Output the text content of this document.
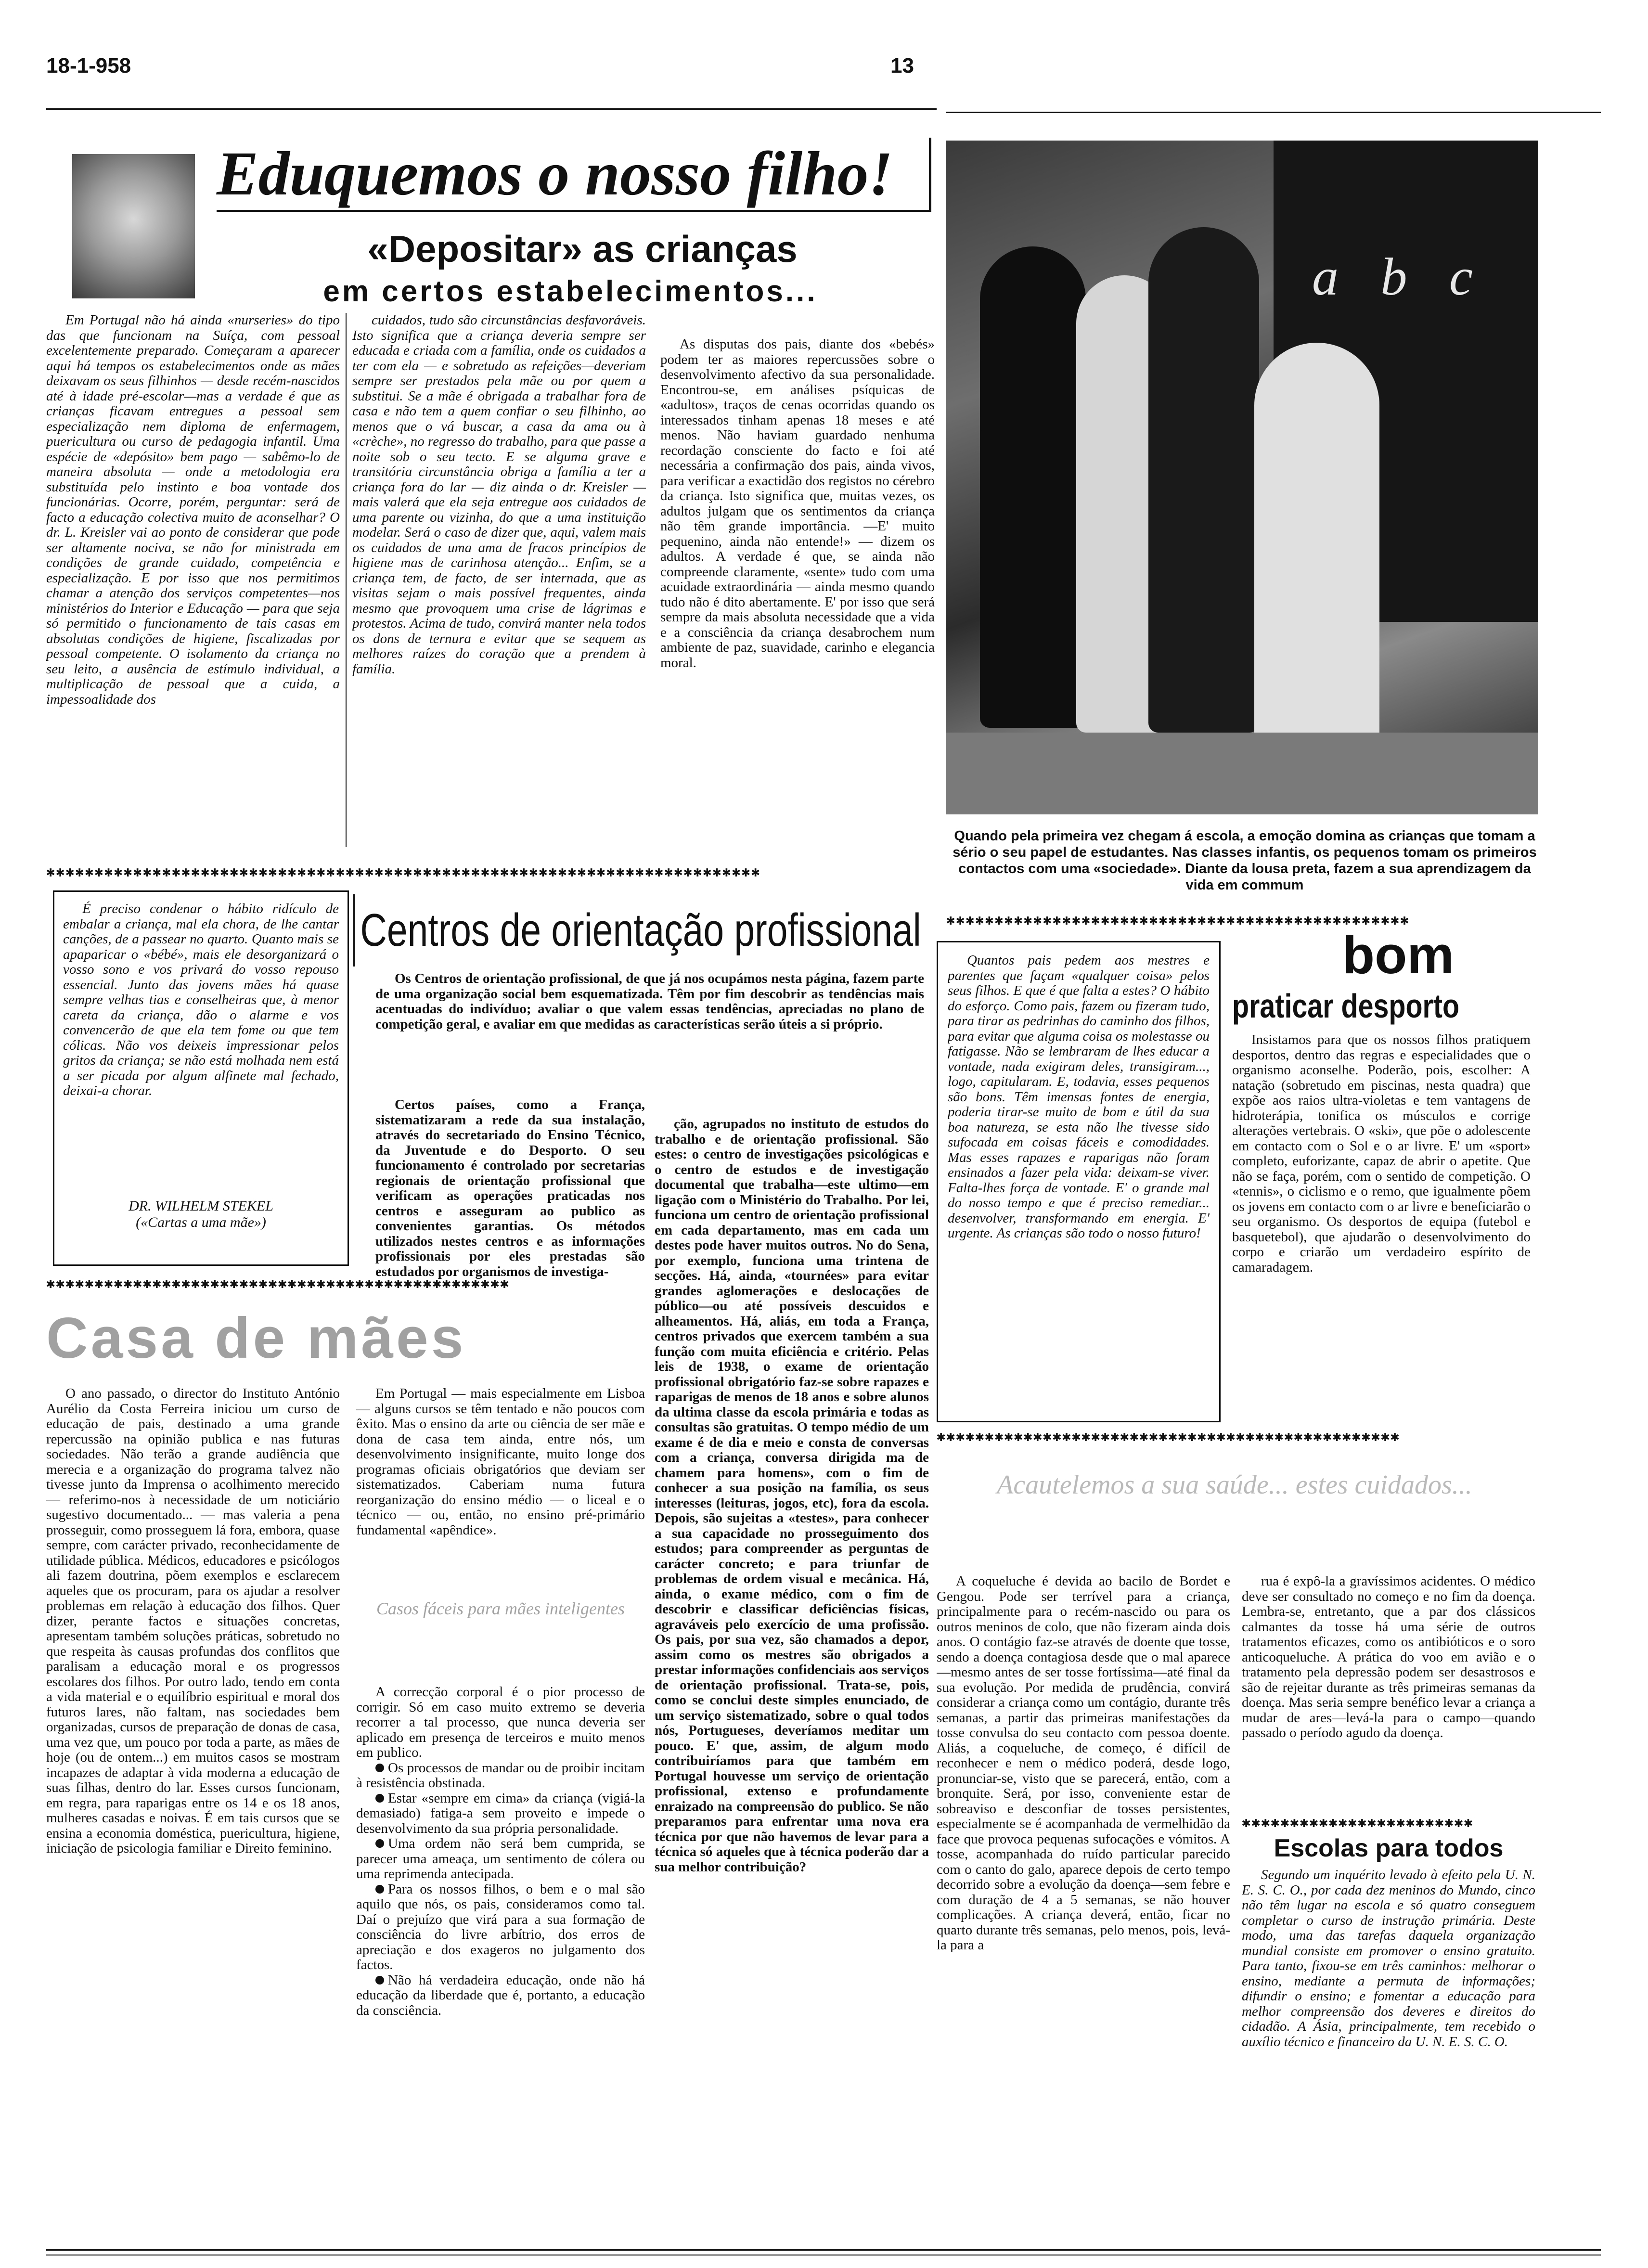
18-1-958	13
Eduquemos o nosso filho!
«Depositar» as crianças
em certos estabelecimentos...

Em Portugal não há ainda «nurseries» do tipo das que funcionam na Suíça, com pessoal excelentemente preparado. Começaram a aparecer aqui há tempos os estabelecimentos onde as mães deixavam os seus filhinhos — desde recém-nascidos até à idade pré-escolar—mas a verdade é que as crianças ficavam entregues a pessoal sem especialização nem diploma de enfermagem, puericultura ou curso de pedagogia infantil. Uma espécie de «depósito» bem pago — sabêmo-lo de maneira absoluta — onde a metodologia era substituída pelo instinto e boa vontade dos funcionárias. Ocorre, porém, perguntar: será de facto a educação colectiva muito de aconselhar? O dr. L. Kreisler vai ao ponto de considerar que pode ser altamente nociva, se não for ministrada em condições de grande cuidado, competência e especialização. E por isso que nos permitimos chamar a atenção dos serviços competentes—nos ministérios do Interior e Educação — para que seja só permitido o funcionamento de tais casas em absolutas condições de higiene, fiscalizadas por pessoal competente. O isolamento da criança no seu leito, a ausência de estímulo individual, a multiplicação de pessoal que a cuida, a impessoalidade dos

cuidados, tudo são circunstâncias desfavoráveis. Isto significa que a criança deveria sempre ser educada e criada com a família, onde os cuidados a ter com ela — e sobretudo as refeições—deveriam sempre ser prestados pela mãe ou por quem a substitui. Se a mãe é obrigada a trabalhar fora de casa e não tem a quem confiar o seu filhinho, ao menos que o vá buscar, a casa da ama ou à «crèche», no regresso do trabalho, para que passe a noite sob o seu tecto. E se alguma grave e transitória circunstância obriga a família a ter a criança fora do lar — diz ainda o dr. Kreisler — mais valerá que ela seja entregue aos cuidados de uma parente ou vizinha, do que a uma instituição modelar. Será o caso de dizer que, aqui, valem mais os cuidados de uma ama de fracos princípios de higiene mas de carinhosa atenção... Enfim, se a criança tem, de facto, de ser internada, que as visitas sejam o mais possível frequentes, ainda mesmo que provoquem uma crise de lágrimas e protestos. Acima de tudo, convirá manter nela todos os dons de ternura e evitar que se sequem as melhores raízes do coração que a prendem à família.

As disputas dos pais, diante dos «bebés» podem ter as maiores repercussões sobre o desenvolvimento afectivo da sua personalidade. Encontrou-se, em análises psíquicas de «adultos», traços de cenas ocorridas quando os interessados tinham apenas 18 meses e até menos. Não haviam guardado nenhuma recordação consciente do facto e foi até necessária a confirmação dos pais, ainda vivos, para verificar a exactidão dos registos no cérebro da criança. Isto significa que, muitas vezes, os adultos julgam que os sentimentos da criança não têm grande importância. —E' muito pequenino, ainda não entende!» — dizem os adultos. A verdade é que, se ainda não compreende claramente, «sente» tudo com uma acuidade extraordinária — ainda mesmo quando tudo não é dito abertamente. E' por isso que será sempre da mais absoluta necessidade que a vida e a consciência da criança desabrochem num ambiente de paz, suavidade, carinho e elegancia moral.

a b c
Quando pela primeira vez chegam á escola, a emoção domina as crianças que tomam a sério o seu papel de estudantes. Nas classes infantis, os pequenos tomam os primeiros contactos com uma «sociedade». Diante da lousa preta, fazem a sua aprendizagem da vida em commum
✱✱✱✱✱✱✱✱✱✱✱✱✱✱✱✱✱✱✱✱✱✱✱✱✱✱✱✱✱✱✱✱✱✱✱✱✱✱✱✱✱✱✱✱✱✱✱✱✱✱✱✱✱✱✱✱✱✱✱✱✱✱✱✱✱✱✱✱✱✱✱✱✱✱
✱✱✱✱✱✱✱✱✱✱✱✱✱✱✱✱✱✱✱✱✱✱✱✱✱✱✱✱✱✱✱✱✱✱✱✱✱✱✱✱✱✱✱✱✱✱✱✱

É preciso condenar o hábito ridículo de embalar a criança, mal ela chora, de lhe cantar canções, de a passear no quarto. Quanto mais se apaparicar o «bébé», mais ele desorganizará o vosso sono e vos privará do vosso repouso essencial. Junto das jovens mães há quase sempre velhas tias e conselheiras que, à menor careta da criança, dão o alarme e vos convencerão de que ela tem fome ou que tem cólicas. Não vos deixeis impressionar pelos gritos da criança; se não está molhada nem está a ser picada por algum alfinete mal fechado, deixai-a chorar.

DR. WILHELM STEKEL
(«Cartas a uma mãe»)
Centros de orientação profissional

Os Centros de orientação profissional, de que já nos ocupámos nesta página, fazem parte de uma organização social bem esquematizada. Têm por fim descobrir as tendências mais acentuadas do indivíduo; avaliar o que valem essas tendências, apreciadas no plano de competição geral, e avaliar em que medidas as características serão úteis a si próprio.

Certos países, como a França, sistematizaram a rede da sua instalação, através do secretariado do Ensino Técnico, da Juventude e do Desporto. O seu funcionamento é controlado por secretarias regionais de orientação profissional que verificam as operações praticadas nos centros e asseguram ao publico as convenientes garantias. Os métodos utilizados nestes centros e as informações profissionais por eles prestadas são estudados por organismos de investiga-

ção, agrupados no instituto de estudos do trabalho e de orientação profissional. São estes: o centro de investigações psicológicas e o centro de estudos e de investigação documental que trabalha—este ultimo—em ligação com o Ministério do Trabalho. Por lei, funciona um centro de orientação profissional em cada departamento, mas em cada um destes pode haver muitos outros. No do Sena, por exemplo, funciona uma trintena de secções. Há, ainda, «tournées» para evitar grandes aglomerações e deslocações de público—ou até possíveis descuidos e alheamentos. Há, aliás, em toda a França, centros privados que exercem também a sua função com muita eficiência e critério. Pelas leis de 1938, o exame de orientação profissional obrigatório faz-se sobre rapazes e raparigas de menos de 18 anos e sobre alunos da ultima classe da escola primária e todas as consultas são gratuitas. O tempo médio de um exame é de dia e meio e consta de conversas com a criança, conversa dirigida ma de chamem para homens», com o fim de conhecer a sua posição na família, os seus interesses (leituras, jogos, etc), fora da escola. Depois, são sujeitas a «testes», para conhecer a sua capacidade no prosseguimento dos estudos; para compreender as perguntas de carácter concreto; e para triunfar de problemas de ordem visual e mecânica. Há, ainda, o exame médico, com o fim de descobrir e classificar deficiências físicas, agraváveis pelo exercício de uma profissão. Os pais, por sua vez, são chamados a depor, assim como os mestres são obrigados a prestar informações confidenciais aos serviços de orientação profissional. Trata-se, pois, como se conclui deste simples enunciado, de um serviço sistematizado, sobre o qual todos nós, Portugueses, deveríamos meditar um pouco. E' que, assim, de algum modo contribuiríamos para que também em Portugal houvesse um serviço de orientação profissional, extenso e profundamente enraizado na compreensão do publico. Se não preparamos para enfrentar uma nova era técnica por que não havemos de levar para a técnica só aqueles que à técnica poderão dar a sua melhor contribuição?

✱✱✱✱✱✱✱✱✱✱✱✱✱✱✱✱✱✱✱✱✱✱✱✱✱✱✱✱✱✱✱✱✱✱✱✱✱✱✱✱✱✱✱✱✱✱✱✱
Casa de mães

O ano passado, o director do Instituto António Aurélio da Costa Ferreira iniciou um curso de educação de pais, destinado a uma grande repercussão na opinião publica e nas futuras sociedades. Não terão a grande audiência que merecia e a organização do programa talvez não tivesse junto da Imprensa o acolhimento merecido — referimo-nos à necessidade de um noticiário sugestivo documentado... — mas valeria a pena prosseguir, como prosseguem lá fora, embora, quase sempre, com carácter privado, reconhecidamente de utilidade pública. Médicos, educadores e psicólogos ali fazem doutrina, põem exemplos e esclarecem aqueles que os procuram, para os ajudar a resolver problemas em relação à educação dos filhos. Quer dizer, perante factos e situações concretas, apresentam também soluções práticas, sobretudo no que respeita às causas profundas dos conflitos que paralisam a educação moral e os progressos escolares dos filhos. Por outro lado, tendo em conta a vida material e o equilíbrio espiritual e moral dos futuros lares, não faltam, nas sociedades bem organizadas, cursos de preparação de donas de casa, uma vez que, um pouco por toda a parte, as mães de hoje (ou de ontem...) em muitos casos se mostram incapazes de adaptar à vida moderna a educação de suas filhas, dentro do lar. Esses cursos funcionam, em regra, para raparigas entre os 14 e os 18 anos, mulheres casadas e noivas. É em tais cursos que se ensina a economia doméstica, puericultura, higiene, iniciação de psicologia familiar e Direito feminino.

Em Portugal — mais especialmente em Lisboa — alguns cursos se têm tentado e não poucos com êxito. Mas o ensino da arte ou ciência de ser mãe e dona de casa tem ainda, entre nós, um desenvolvimento insignificante, muito longe dos programas oficiais obrigatórios que deviam ser sistematizados. Caberiam numa futura reorganização do ensino médio — o liceal e o técnico — ou, então, no ensino pré-primário fundamental «apêndice».

Casos fáceis para mães inteligentes

A correcção corporal é o pior processo de corrigir. Só em caso muito extremo se deveria recorrer a tal processo, que nunca deveria ser aplicado em presença de terceiros e muito menos em publico.

Os processos de mandar ou de proibir incitam à resistência obstinada.

Estar «sempre em cima» da criança (vigiá-la demasiado) fatiga-a sem proveito e impede o desenvolvimento da sua própria personalidade.

Uma ordem não será bem cumprida, se parecer uma ameaça, um sentimento de cólera ou uma reprimenda antecipada.

Para os nossos filhos, o bem e o mal são aquilo que nós, os pais, consideramos como tal. Daí o prejuízo que virá para a sua formação de consciência do livre arbítrio, dos erros de apreciação e dos exageros no julgamento dos factos.

Não há verdadeira educação, onde não há educação da liberdade que é, portanto, a educação da consciência.

Quantos pais pedem aos mestres e parentes que façam «qualquer coisa» pelos seus filhos. E que é que falta a estes? O hábito do esforço. Como pais, fazem ou fizeram tudo, para tirar as pedrinhas do caminho dos filhos, para evitar que alguma coisa os molestasse ou fatigasse. Não se lembraram de lhes educar a vontade, nada exigiram deles, transigiram..., logo, capitularam. E, todavia, esses pequenos são bons. Têm imensas fontes de energia, poderia tirar-se muito de bom e útil da sua boa natureza, se esta não lhe tivesse sido sufocada em coisas fáceis e comodidades. Mas esses rapazes e raparigas não foram ensinados a fazer pela vida: deixam-se viver. Falta-lhes força de vontade. E' o grande mal do nosso tempo e que é preciso remediar... desenvolver, transformando em energia. E' urgente. As crianças são todo o nosso futuro!

bom
praticar desporto

Insistamos para que os nossos filhos pratiquem desportos, dentro das regras e especialidades que o organismo aconselhe. Poderão, pois, escolher: A natação (sobretudo em piscinas, nesta quadra) que expõe aos raios ultra-violetas e tem vantagens de hidroterápia, tonifica os músculos e corrige alterações vertebrais. O «ski», que põe o adolescente em contacto com o Sol e o ar livre. E' um «sport» completo, euforizante, capaz de abrir o apetite. Que não se faça, porém, com o sentido de competição. O «tennis», o ciclismo e o remo, que igualmente põem os jovens em contacto com o ar livre e beneficiarão o seu organismo. Os desportos de equipa (futebol e basquetebol), que ajudarão o desenvolvimento do corpo e criarão um verdadeiro espírito de camaradagem.

✱✱✱✱✱✱✱✱✱✱✱✱✱✱✱✱✱✱✱✱✱✱✱✱✱✱✱✱✱✱✱✱✱✱✱✱✱✱✱✱✱✱✱✱✱✱✱✱
Acautelemos a sua saúde... estes cuidados...

A coqueluche é devida ao bacilo de Bordet e Gengou. Pode ser terrível para a criança, principalmente para o recém-nascido ou para os outros meninos de colo, que não fizeram ainda dois anos. O contágio faz-se através de doente que tosse, sendo a doença contagiosa desde que o mal aparece—mesmo antes de ser tosse fortíssima—até final da sua evolução. Por medida de prudência, convirá considerar a criança como um contágio, durante três semanas, a partir das primeiras manifestações da tosse convulsa do seu contacto com pessoa doente. Aliás, a coqueluche, de começo, é difícil de reconhecer e nem o médico poderá, desde logo, pronunciar-se, visto que se parecerá, então, com a bronquite. Será, por isso, conveniente estar de sobreaviso e desconfiar de tosses persistentes, especialmente se é acompanhada de vermelhidão da face que provoca pequenas sufocações e vómitos. A tosse, acompanhada do ruído particular parecido com o canto do galo, aparece depois de certo tempo decorrido sobre a evolução da doença—sem febre e com duração de 4 a 5 semanas, se não houver complicações. A criança deverá, então, ficar no quarto durante três semanas, pelo menos, pois, levá-la para a

rua é expô-la a gravíssimos acidentes. O médico deve ser consultado no começo e no fim da doença. Lembra-se, entretanto, que a par dos clássicos calmantes da tosse há uma série de outros tratamentos eficazes, como os antibióticos e o soro anticoqueluche. A prática do voo em avião e o tratamento pela depressão podem ser desastrosos e são de rejeitar durante as três primeiras semanas da doença. Mas seria sempre benéfico levar a criança a mudar de ares—levá-la para o campo—quando passado o período agudo da doença.

✱✱✱✱✱✱✱✱✱✱✱✱✱✱✱✱✱✱✱✱✱✱✱✱
Escolas para todos

Segundo um inquérito levado à efeito pela U. N. E. S. C. O., por cada dez meninos do Mundo, cinco não têm lugar na escola e só quatro conseguem completar o curso de instrução primária. Deste modo, uma das tarefas daquela organização mundial consiste em promover o ensino gratuito. Para tanto, fixou-se em três caminhos: melhorar o ensino, mediante a permuta de informações; difundir o ensino; e fomentar a educação para melhor compreensão dos deveres e direitos do cidadão. A Ásia, principalmente, tem recebido o auxílio técnico e financeiro da U. N. E. S. C. O.
